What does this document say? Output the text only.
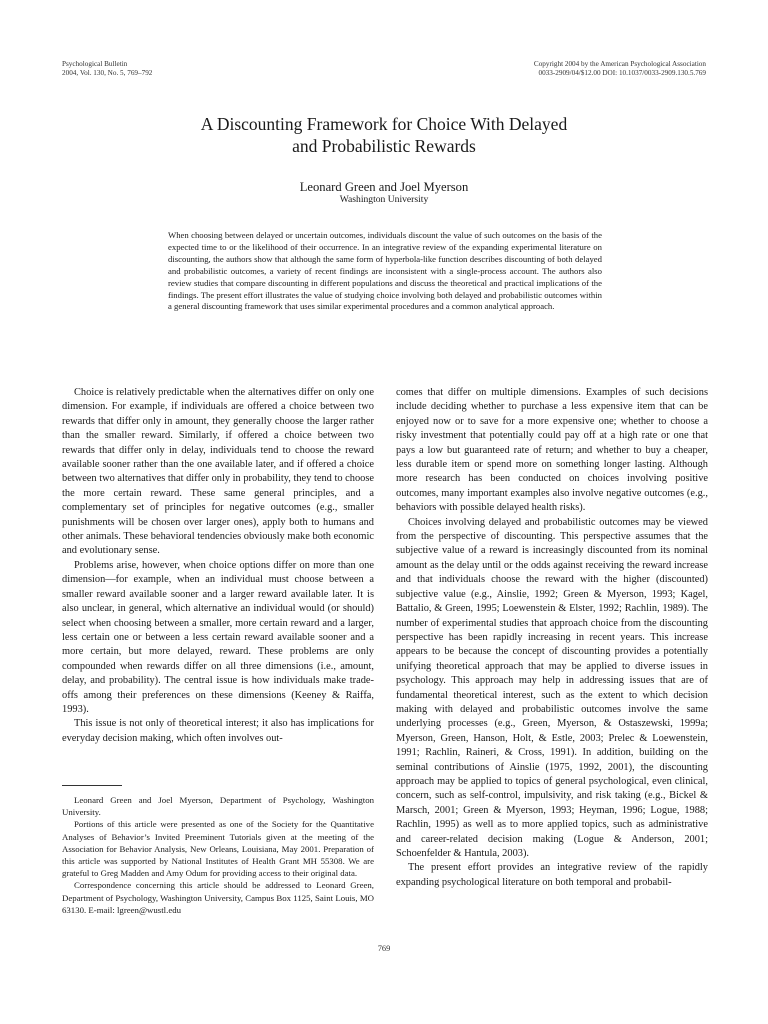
Psychological Bulletin
2004, Vol. 130, No. 5, 769–792
Copyright 2004 by the American Psychological Association
0033-2909/04/$12.00 DOI: 10.1037/0033-2909.130.5.769
A Discounting Framework for Choice With Delayed
and Probabilistic Rewards
Leonard Green and Joel Myerson
Washington University

When choosing between delayed or uncertain outcomes, individuals discount the value of such outcomes on the basis of the expected time to or the likelihood of their occurrence. In an integrative review of the expanding experimental literature on discounting, the authors show that although the same form of hyperbola-like function describes discounting of both delayed and probabilistic outcomes, a variety of recent findings are inconsistent with a single-process account. The authors also review studies that compare discounting in different populations and discuss the theoretical and practical implications of the findings. The present effort illustrates the value of studying choice involving both delayed and probabilistic outcomes within a general discounting framework that uses similar experimental procedures and a common analytical approach.

Choice is relatively predictable when the alternatives differ on only one dimension. For example, if individuals are offered a choice between two rewards that differ only in amount, they generally choose the larger rather than the smaller reward. Similarly, if offered a choice between two rewards that differ only in delay, individuals tend to choose the reward available sooner rather than the one available later, and if offered a choice between two alternatives that differ only in probability, they tend to choose the more certain reward. These same general principles, and a complementary set of principles for negative outcomes (e.g., smaller punishments will be chosen over larger ones), apply both to humans and other animals. These behavioral tendencies obviously make both economic and evolutionary sense.

Problems arise, however, when choice options differ on more than one dimension—for example, when an individual must choose between a smaller reward available sooner and a larger reward available later. It is also unclear, in general, which alternative an individual would (or should) select when choosing between a smaller, more certain reward and a larger, less certain one or between a less certain reward available sooner and a more certain, but more delayed, reward. These problems are only compounded when rewards differ on all three dimensions (i.e., amount, delay, and probability). The central issue is how individuals make trade-offs among their preferences on these dimensions (Keeney & Raiffa, 1993).

This issue is not only of theoretical interest; it also has implications for everyday decision making, which often involves out-

comes that differ on multiple dimensions. Examples of such decisions include deciding whether to purchase a less expensive item that can be enjoyed now or to save for a more expensive one; whether to choose a risky investment that potentially could pay off at a high rate or one that pays a low but guaranteed rate of return; and whether to buy a cheaper, less durable item or spend more on something longer lasting. Although more research has been conducted on choices involving positive outcomes, many important examples also involve negative outcomes (e.g., behaviors with possible delayed health risks).

Choices involving delayed and probabilistic outcomes may be viewed from the perspective of discounting. This perspective assumes that the subjective value of a reward is increasingly discounted from its nominal amount as the delay until or the odds against receiving the reward increase and that individuals choose the reward with the higher (discounted) subjective value (e.g., Ainslie, 1992; Green & Myerson, 1993; Kagel, Battalio, & Green, 1995; Loewenstein & Elster, 1992; Rachlin, 1989). The number of experimental studies that approach choice from the discounting perspective has been rapidly increasing in recent years. This increase appears to be because the concept of discounting provides a potentially unifying theoretical approach that may be applied to diverse issues in psychology. This approach may help in addressing issues that are of fundamental theoretical interest, such as the extent to which decision making with delayed and probabilistic outcomes involve the same underlying processes (e.g., Green, Myerson, & Ostaszewski, 1999a; Myerson, Green, Hanson, Holt, & Estle, 2003; Prelec & Loewenstein, 1991; Rachlin, Raineri, & Cross, 1991). In addition, building on the seminal contributions of Ainslie (1975, 1992, 2001), the discounting approach may be applied to topics of general psychological, even clinical, concern, such as self-control, impulsivity, and risk taking (e.g., Bickel & Marsch, 2001; Green & Myerson, 1993; Heyman, 1996; Logue, 1988; Rachlin, 1995) as well as to more applied topics, such as administrative and career-related decision making (Logue & Anderson, 2001; Schoenfelder & Hantula, 2003).

The present effort provides an integrative review of the rapidly expanding psychological literature on both temporal and probabil-

Leonard Green and Joel Myerson, Department of Psychology, Washington University.

Portions of this article were presented as one of the Society for the Quantitative Analyses of Behavior’s Invited Preeminent Tutorials given at the meeting of the Association for Behavior Analysis, New Orleans, Louisiana, May 2001. Preparation of this article was supported by National Institutes of Health Grant MH 55308. We are grateful to Greg Madden and Amy Odum for providing access to their original data.

Correspondence concerning this article should be addressed to Leonard Green, Department of Psychology, Washington University, Campus Box 1125, Saint Louis, MO 63130. E-mail: lgreen@wustl.edu

769
